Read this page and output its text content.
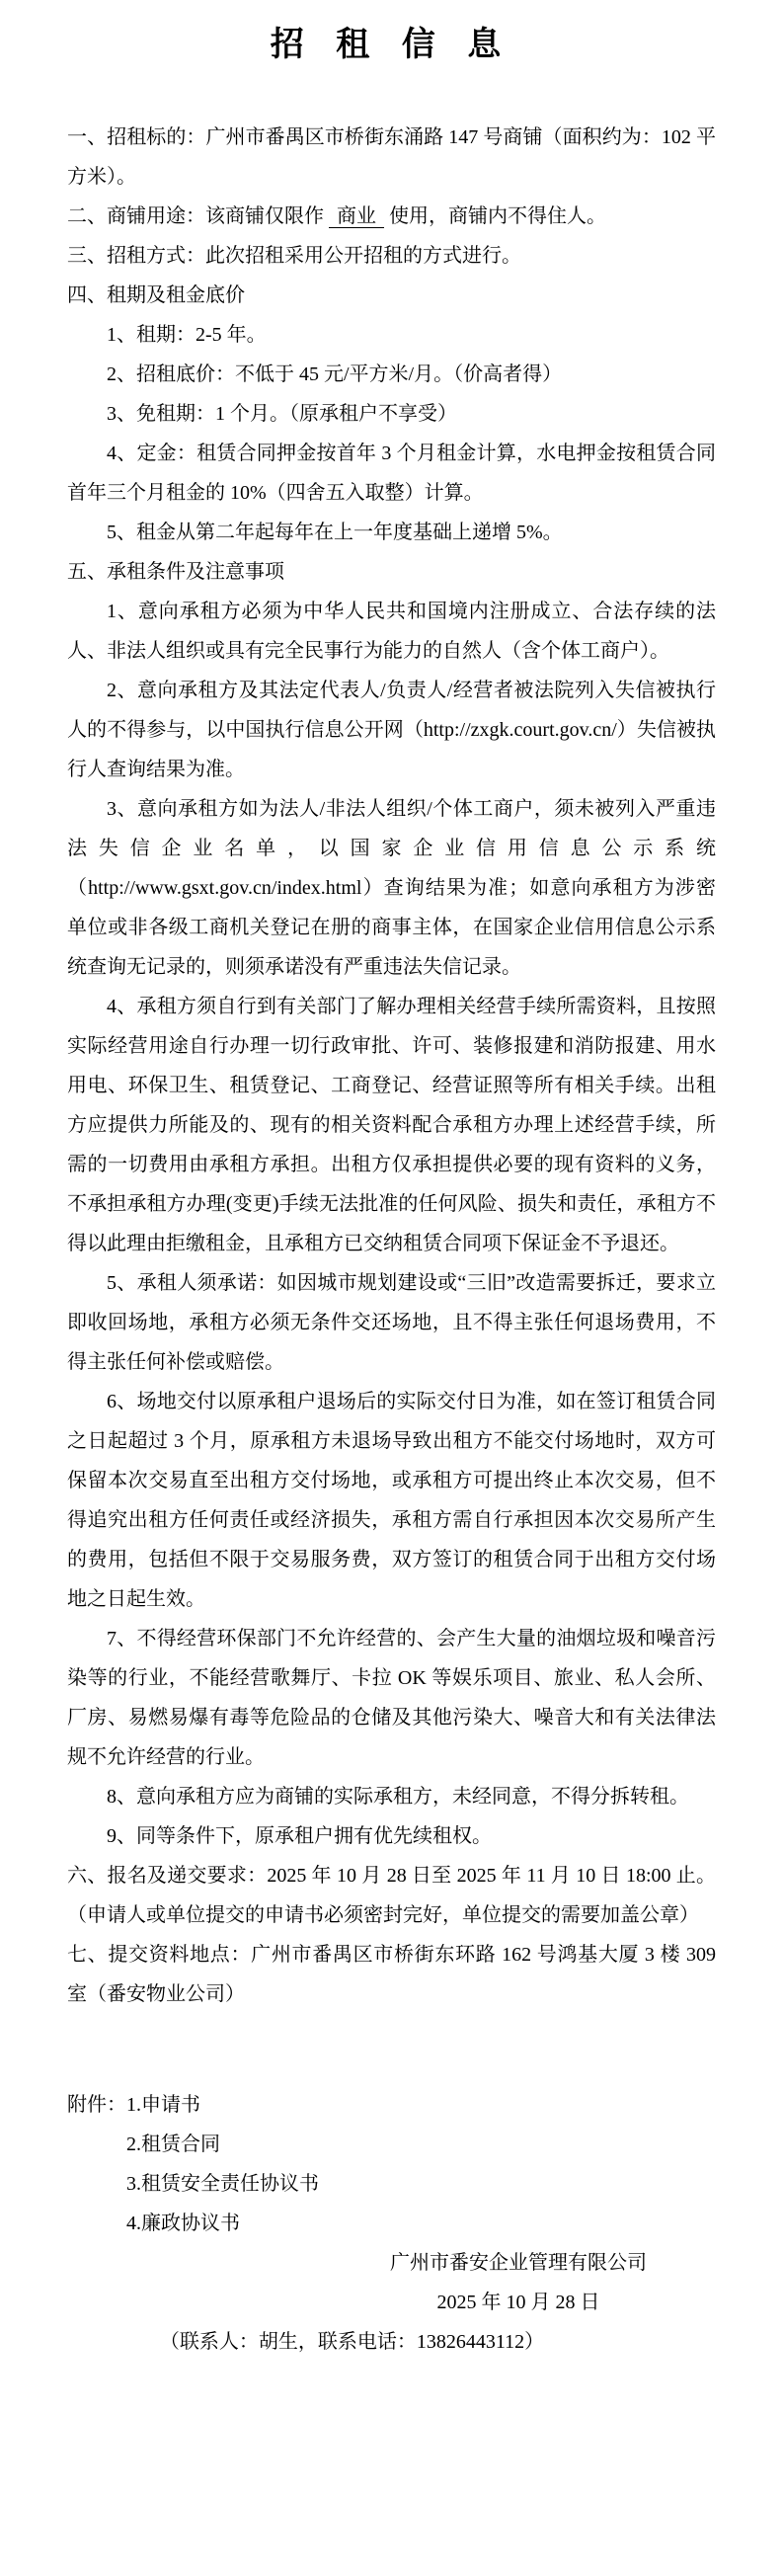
招 租 信 息

一、招租标的：广州市番禺区市桥街东涌路 147 号商铺（面积约为：102 平方米）。

二、商铺用途：该商铺仅限作 商业 使用，商铺内不得住人。

三、招租方式：此次招租采用公开招租的方式进行。

四、租期及租金底价

1、租期：2-5 年。

2、招租底价：不低于 45 元/平方米/月。（价高者得）

3、免租期：1 个月。（原承租户不享受）

4、定金：租赁合同押金按首年 3 个月租金计算，水电押金按租赁合同首年三个月租金的 10%（四舍五入取整）计算。

5、租金从第二年起每年在上一年度基础上递增 5%。

五、承租条件及注意事项

1、意向承租方必须为中华人民共和国境内注册成立、合法存续的法人、非法人组织或具有完全民事行为能力的自然人（含个体工商户）。

2、意向承租方及其法定代表人/负责人/经营者被法院列入失信被执行人的不得参与，以中国执行信息公开网（http://zxgk.court.gov.cn/）失信被执行人查询结果为准。

3、意向承租方如为法人/非法人组织/个体工商户，须未被列入严重违法失信企业名单，以国家企业信用信息公示系统（http://www.gsxt.gov.cn/index.html）查询结果为准；如意向承租方为涉密单位或非各级工商机关登记在册的商事主体，在国家企业信用信息公示系统查询无记录的，则须承诺没有严重违法失信记录。

4、承租方须自行到有关部门了解办理相关经营手续所需资料，且按照实际经营用途自行办理一切行政审批、许可、装修报建和消防报建、用水用电、环保卫生、租赁登记、工商登记、经营证照等所有相关手续。出租方应提供力所能及的、现有的相关资料配合承租方办理上述经营手续，所需的一切费用由承租方承担。出租方仅承担提供必要的现有资料的义务，不承担承租方办理(变更)手续无法批准的任何风险、损失和责任，承租方不得以此理由拒缴租金，且承租方已交纳租赁合同项下保证金不予退还。

5、承租人须承诺：如因城市规划建设或“三旧”改造需要拆迁，要求立即收回场地，承租方必须无条件交还场地，且不得主张任何退场费用，不得主张任何补偿或赔偿。

6、场地交付以原承租户退场后的实际交付日为准，如在签订租赁合同之日起超过 3 个月，原承租方未退场导致出租方不能交付场地时，双方可保留本次交易直至出租方交付场地，或承租方可提出终止本次交易，但不得追究出租方任何责任或经济损失，承租方需自行承担因本次交易所产生的费用，包括但不限于交易服务费，双方签订的租赁合同于出租方交付场地之日起生效。

7、不得经营环保部门不允许经营的、会产生大量的油烟垃圾和噪音污染等的行业，不能经营歌舞厅、卡拉 OK 等娱乐项目、旅业、私人会所、厂房、易燃易爆有毒等危险品的仓储及其他污染大、噪音大和有关法律法规不允许经营的行业。

8、意向承租方应为商铺的实际承租方，未经同意，不得分拆转租。

9、同等条件下，原承租户拥有优先续租权。

六、报名及递交要求：2025 年 10 月 28 日至 2025 年 11 月 10 日 18:00 止。（申请人或单位提交的申请书必须密封完好，单位提交的需要加盖公章）

七、提交资料地点：广州市番禺区市桥街东环路 162 号鸿基大厦 3 楼 309 室（番安物业公司）

附件： 1.申请书
2.租赁合同
3.租赁安全责任协议书
4.廉政协议书
广州市番安企业管理有限公司
2025 年 10 月 28 日
（联系人：胡生，联系电话：13826443112）
